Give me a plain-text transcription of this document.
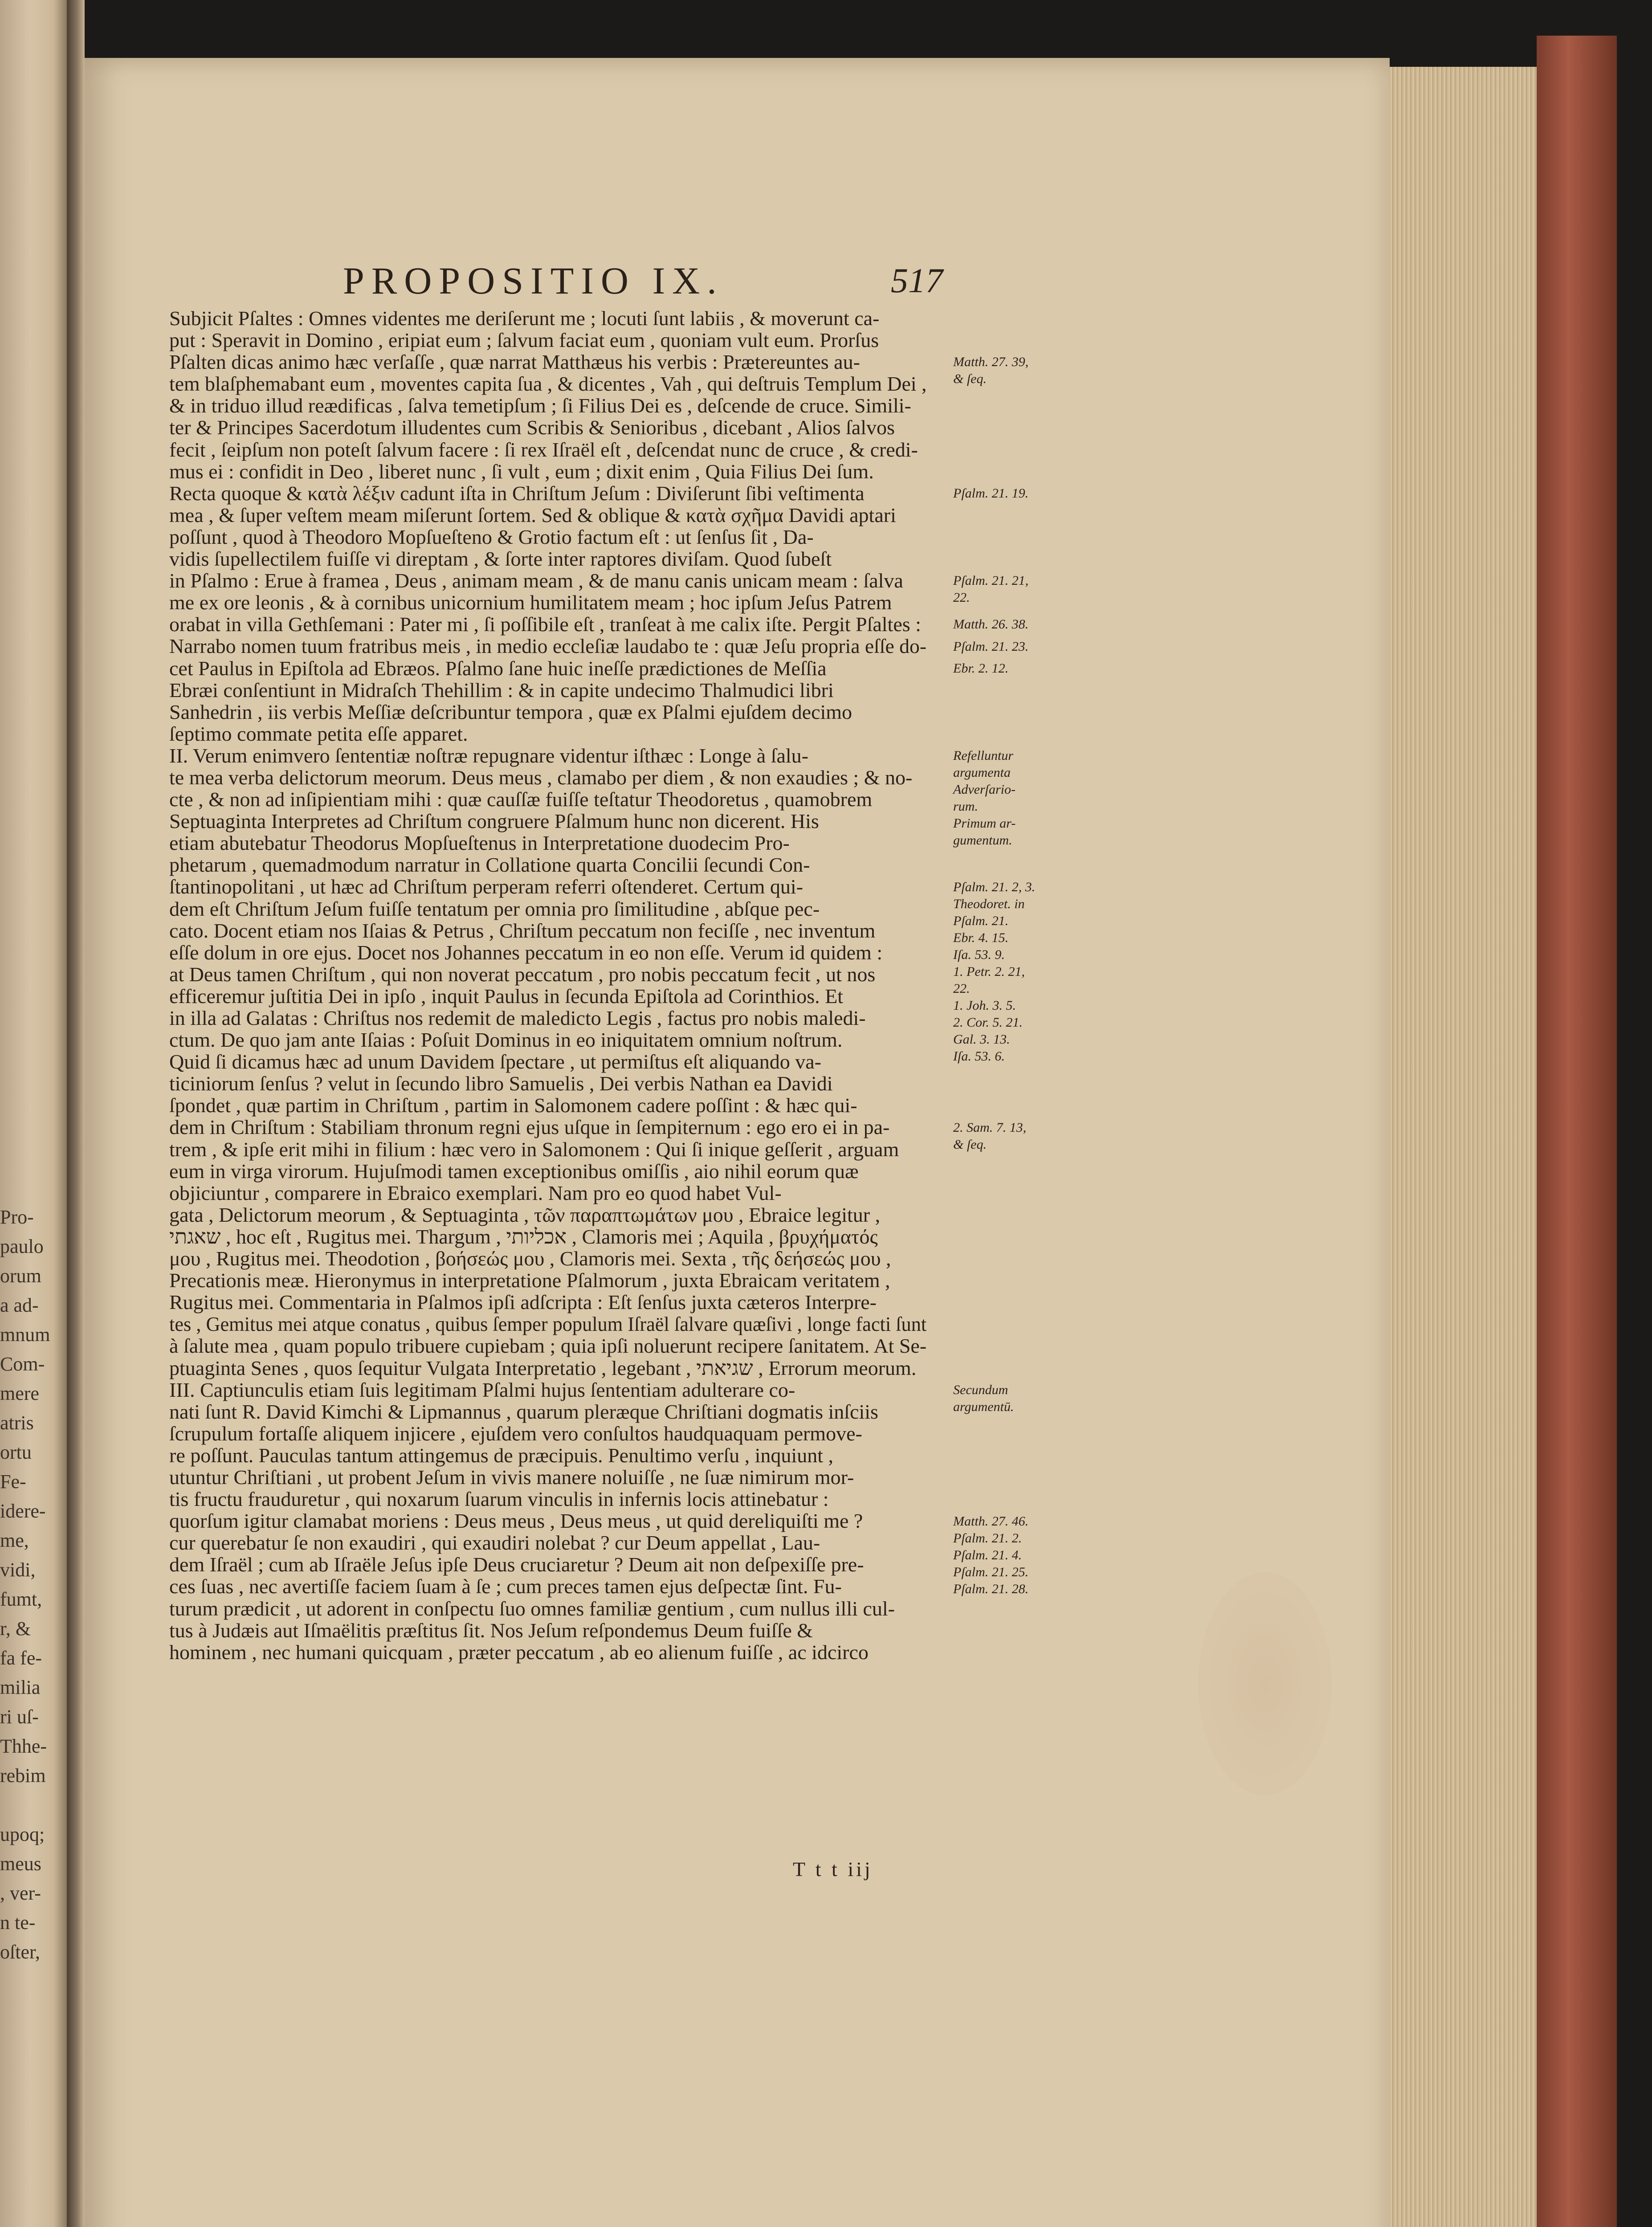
Pro-
paulo
orum
a ad-
mnum
Com-
mere
atris
ortu
Fe-
idere-
me,
vidi,
fumt,
r, &
fa fe-
milia
ri uſ-
Thhe-
rebim
upoq;
meus
, ver-
n te-
oſter,
PROPOSITIO IX.	517
Subjicit Pſaltes : Omnes videntes me deriſerunt me ; locuti ſunt labiis , & moverunt ca-
put : Speravit in Domino , eripiat eum ; ſalvum faciat eum , quoniam vult eum. Prorſus
Pſalten dicas animo hæc verſaſſe , quæ narrat Matthæus his verbis : Prætereuntes au-
tem blaſphemabant eum , moventes capita ſua , & dicentes , Vah , qui deſtruis Templum Dei ,
& in triduo illud reædificas , ſalva temetipſum ; ſi Filius Dei es , deſcende de cruce. Simili-
ter & Principes Sacerdotum illudentes cum Scribis & Senioribus , dicebant , Alios ſalvos
fecit , ſeipſum non poteſt ſalvum facere : ſi rex Iſraël eſt , deſcendat nunc de cruce , & credi-
mus ei : confidit in Deo , liberet nunc , ſi vult , eum ; dixit enim , Quia Filius Dei ſum.
Recta quoque & κατὰ λέξιν cadunt iſta in Chriſtum Jeſum : Diviſerunt ſibi veſtimenta
mea , & ſuper veſtem meam miſerunt ſortem. Sed & oblique & κατὰ σχῆμα Davidi aptari
poſſunt , quod à Theodoro Mopſueſteno & Grotio factum eſt : ut ſenſus ſit , Da-
vidis ſupellectilem fuiſſe vi direptam , & ſorte inter raptores diviſam. Quod ſubeſt
in Pſalmo : Erue à framea , Deus , animam meam , & de manu canis unicam meam : ſalva
me ex ore leonis , & à cornibus unicornium humilitatem meam ; hoc ipſum Jeſus Patrem
orabat in villa Gethſemani : Pater mi , ſi poſſibile eſt , tranſeat à me calix iſte. Pergit Pſaltes :
Narrabo nomen tuum fratribus meis , in medio eccleſiæ laudabo te : quæ Jeſu propria eſſe do-
cet Paulus in Epiſtola ad Ebræos. Pſalmo ſane huic ineſſe prædictiones de Meſſia
Ebræi conſentiunt in Midraſch Thehillim : & in capite undecimo Thalmudici libri
Sanhedrin , iis verbis Meſſiæ deſcribuntur tempora , quæ ex Pſalmi ejuſdem decimo
ſeptimo commate petita eſſe apparet.
II. Verum enimvero ſententiæ noſtræ repugnare videntur iſthæc : Longe à ſalu-
te mea verba delictorum meorum. Deus meus , clamabo per diem , & non exaudies ; & no-
cte , & non ad inſipientiam mihi : quæ cauſſæ fuiſſe teſtatur Theodoretus , quamobrem
Septuaginta Interpretes ad Chriſtum congruere Pſalmum hunc non dicerent. His
etiam abutebatur Theodorus Mopſueſtenus in Interpretatione duodecim Pro-
phetarum , quemadmodum narratur in Collatione quarta Concilii ſecundi Con-
ſtantinopolitani , ut hæc ad Chriſtum perperam referri oſtenderet. Certum qui-
dem eſt Chriſtum Jeſum fuiſſe tentatum per omnia pro ſimilitudine , abſque pec-
cato. Docent etiam nos Iſaias & Petrus , Chriſtum peccatum non feciſſe , nec inventum
eſſe dolum in ore ejus. Docet nos Johannes peccatum in eo non eſſe. Verum id quidem :
at Deus tamen Chriſtum , qui non noverat peccatum , pro nobis peccatum fecit , ut nos
efficeremur juſtitia Dei in ipſo , inquit Paulus in ſecunda Epiſtola ad Corinthios. Et
in illa ad Galatas : Chriſtus nos redemit de maledicto Legis , factus pro nobis maledi-
ctum. De quo jam ante Iſaias : Poſuit Dominus in eo iniquitatem omnium noſtrum.
Quid ſi dicamus hæc ad unum Davidem ſpectare , ut permiſtus eſt aliquando va-
ticiniorum ſenſus ? velut in ſecundo libro Samuelis , Dei verbis Nathan ea Davidi
ſpondet , quæ partim in Chriſtum , partim in Salomonem cadere poſſint : & hæc qui-
dem in Chriſtum : Stabiliam thronum regni ejus uſque in ſempiternum : ego ero ei in pa-
trem , & ipſe erit mihi in filium : hæc vero in Salomonem : Qui ſi inique geſſerit , arguam
eum in virga virorum. Hujuſmodi tamen exceptionibus omiſſis , aio nihil eorum quæ
objiciuntur , comparere in Ebraico exemplari. Nam pro eo quod habet Vul-
gata , Delictorum meorum , & Septuaginta , τῶν παραπτωμάτων μου , Ebraice legitur ,
שאגתי , hoc eſt , Rugitus mei. Thargum , אכליותי , Clamoris mei ; Aquila , βρυχήματός
μου , Rugitus mei. Theodotion , βοήσεώς μου , Clamoris mei. Sexta , τῆς δεήσεώς μου ,
Precationis meæ. Hieronymus in interpretatione Pſalmorum , juxta Ebraicam veritatem ,
Rugitus mei. Commentaria in Pſalmos ipſi adſcripta : Eſt ſenſus juxta cæteros Interpre-
tes , Gemitus mei atque conatus , quibus ſemper populum Iſraël ſalvare quæſivi , longe facti ſunt
à ſalute mea , quam populo tribuere cupiebam ; quia ipſi noluerunt recipere ſanitatem. At Se-
ptuaginta Senes , quos ſequitur Vulgata Interpretatio , legebant , שגיאתי , Errorum meorum.
III. Captiunculis etiam ſuis legitimam Pſalmi hujus ſententiam adulterare co-
nati ſunt R. David Kimchi & Lipmannus , quarum pleræque Chriſtiani dogmatis inſciis
ſcrupulum fortaſſe aliquem injicere , ejuſdem vero conſultos haudquaquam permove-
re poſſunt. Pauculas tantum attingemus de præcipuis. Penultimo verſu , inquiunt ,
utuntur Chriſtiani , ut probent Jeſum in vivis manere noluiſſe , ne ſuæ nimirum mor-
tis fructu frauduretur , qui noxarum ſuarum vinculis in infernis locis attinebatur :
quorſum igitur clamabat moriens : Deus meus , Deus meus , ut quid dereliquiſti me ?
cur querebatur ſe non exaudiri , qui exaudiri nolebat ? cur Deum appellat , Lau-
dem Iſraël ; cum ab Iſraële Jeſus ipſe Deus cruciaretur ? Deum ait non deſpexiſſe pre-
ces ſuas , nec avertiſſe faciem ſuam à ſe ; cum preces tamen ejus deſpectæ ſint. Fu-
turum prædicit , ut adorent in conſpectu ſuo omnes familiæ gentium , cum nullus illi cul-
tus à Judæis aut Iſmaëlitis præſtitus ſit. Nos Jeſum reſpondemus Deum fuiſſe &
hominem , nec humani quicquam , præter peccatum , ab eo alienum fuiſſe , ac idcirco
Matth. 27. 39,
& ſeq.
Pſalm. 21. 19.
Pſalm. 21. 21,
22.
Matth. 26. 38.
Pſalm. 21. 23.
Ebr. 2. 12.
Refelluntur
argumenta
Adverſario-
rum.
Primum ar-
gumentum.
Pſalm. 21. 2, 3.
Theodoret. in
Pſalm. 21.
Ebr. 4. 15.
Iſa. 53. 9.
1. Petr. 2. 21,
22.
1. Joh. 3. 5.
2. Cor. 5. 21.
Gal. 3. 13.
Iſa. 53. 6.
2. Sam. 7. 13,
& ſeq.
Secundum
argumentū.
Matth. 27. 46.
Pſalm. 21. 2.
Pſalm. 21. 4.
Pſalm. 21. 25.
Pſalm. 21. 28.
T t t iij
